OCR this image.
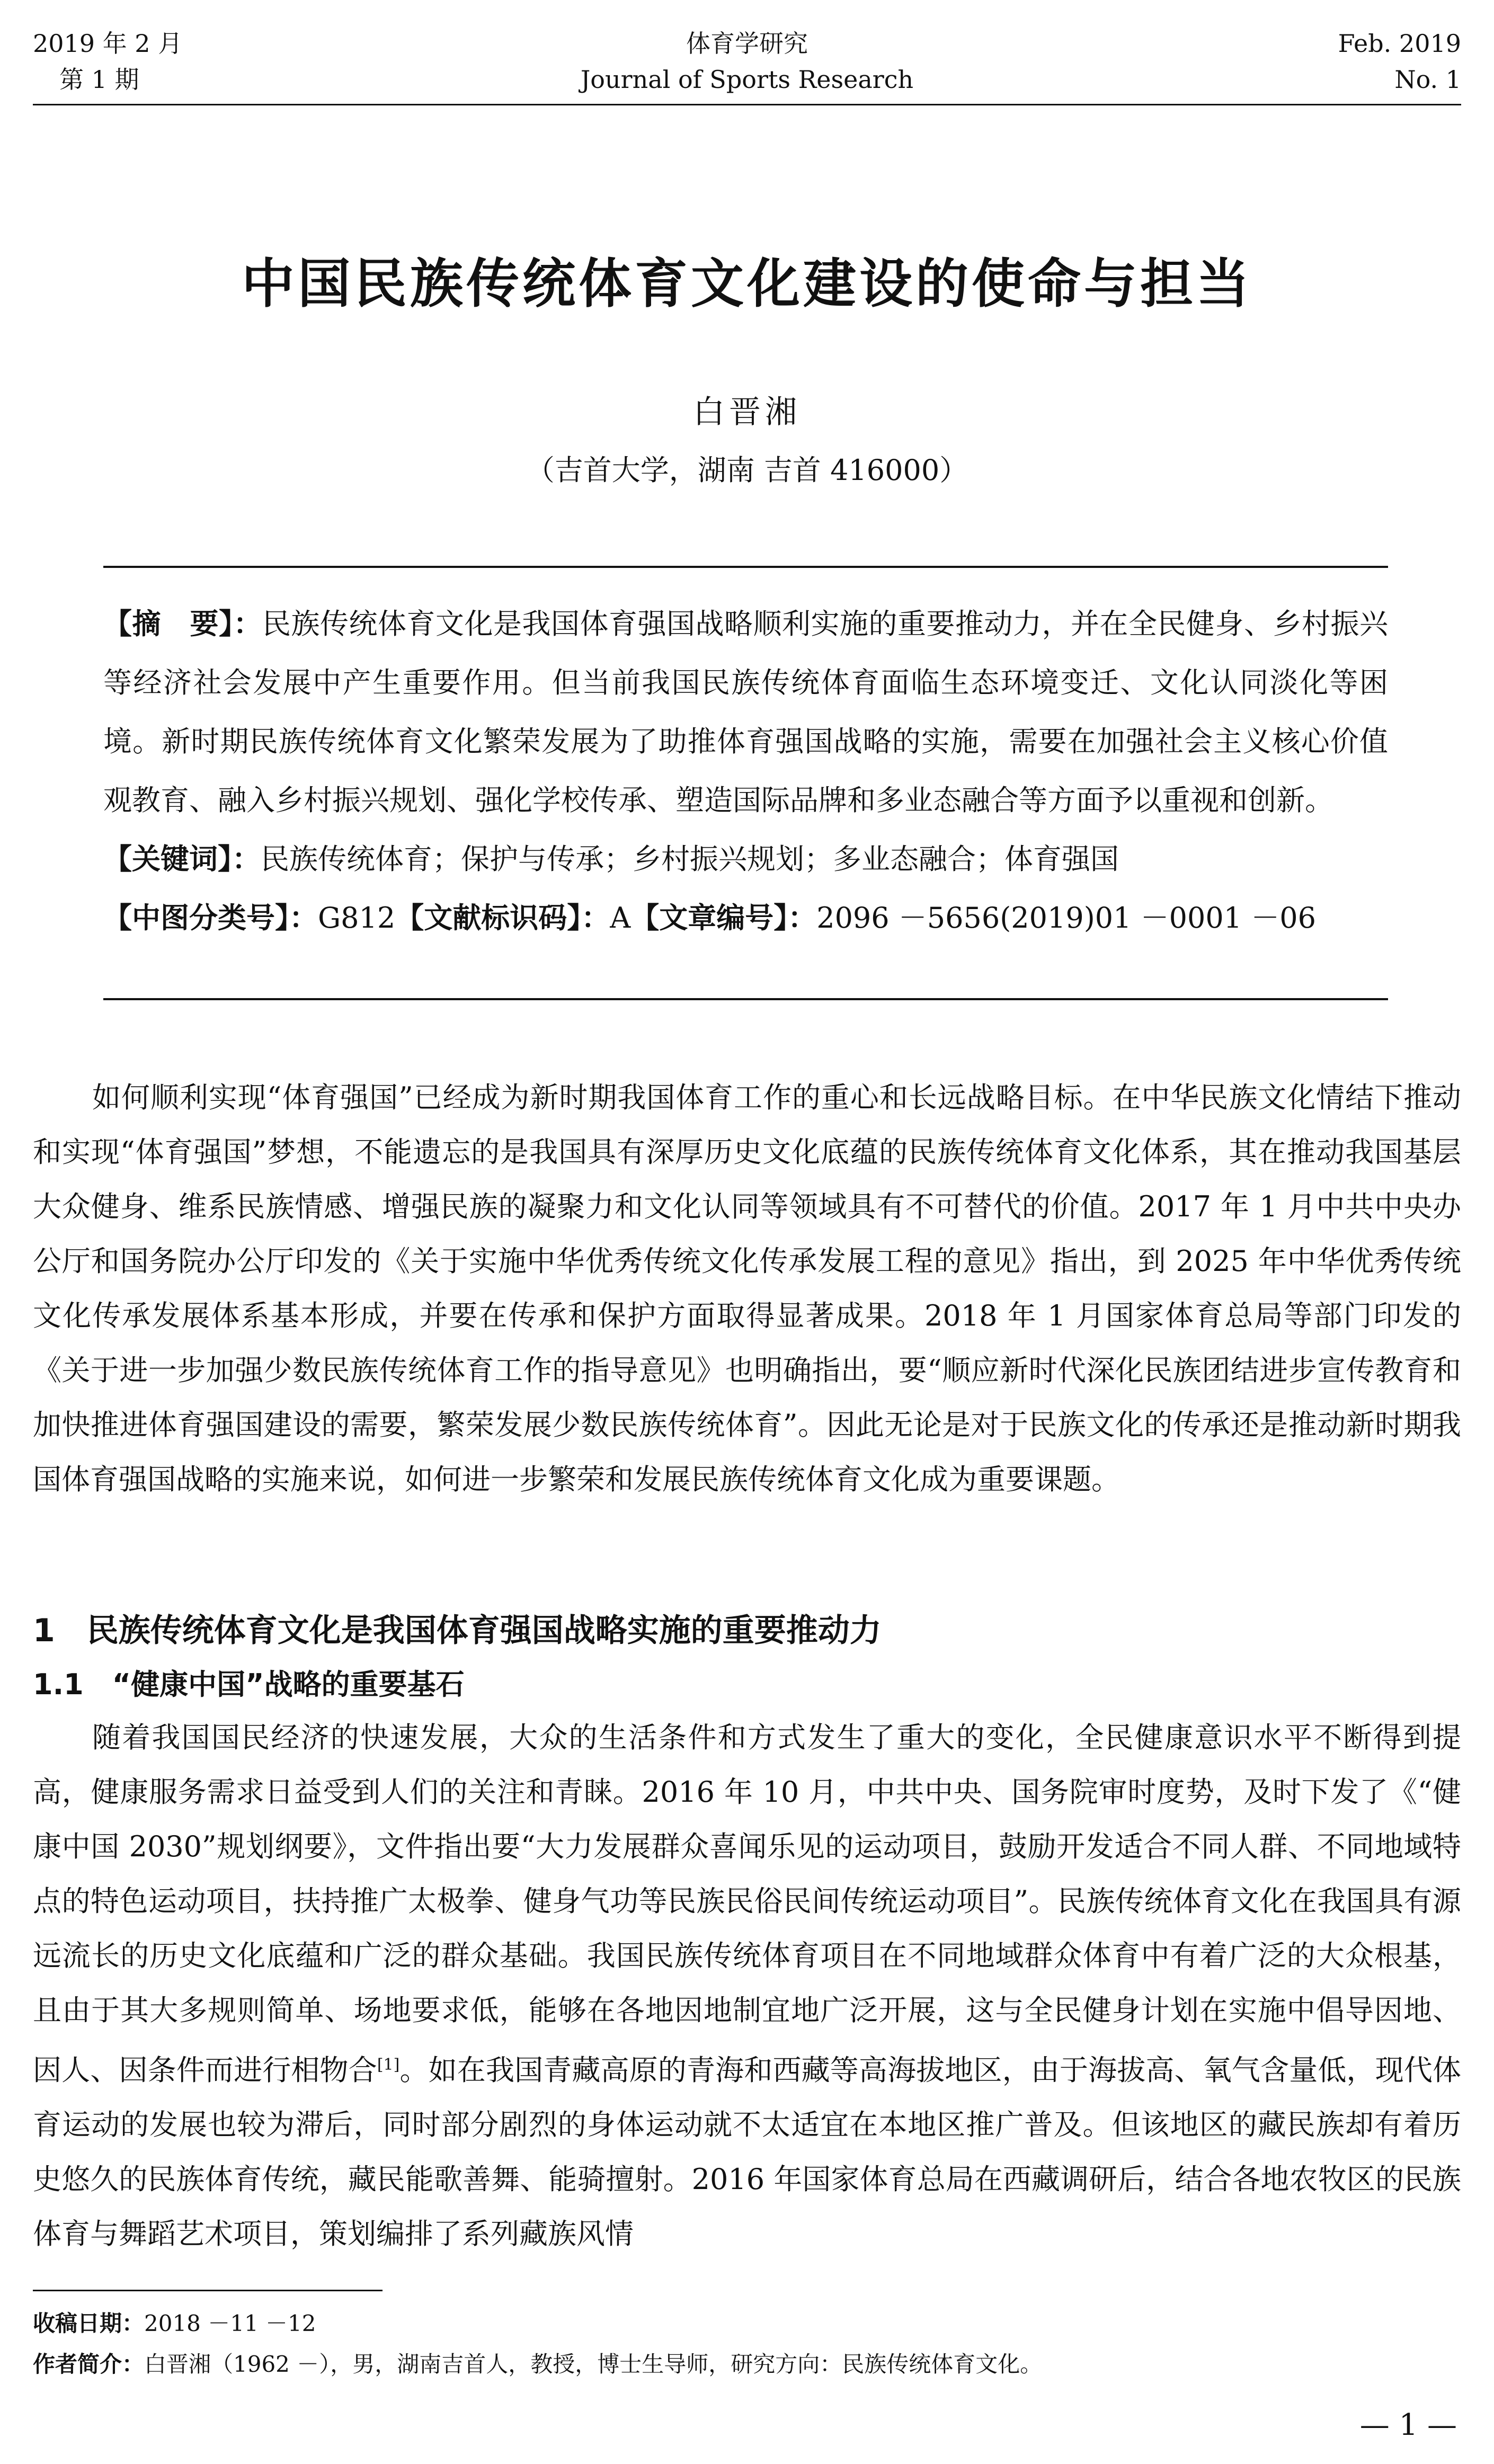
2019 年 2 月
第 1 期
体育学研究
Journal of Sports Research
Feb. 2019
No. 1
中国民族传统体育文化建设的使命与担当
白晋湘
（吉首大学，湖南 吉首 416000）
【摘　要】：民族传统体育文化是我国体育强国战略顺利实施的重要推动力，并在全民健身、乡村振兴等经济社会发展中产生重要作用。但当前我国民族传统体育面临生态环境变迁、文化认同淡化等困境。新时期民族传统体育文化繁荣发展为了助推体育强国战略的实施，需要在加强社会主义核心价值观教育、融入乡村振兴规划、强化学校传承、塑造国际品牌和多业态融合等方面予以重视和创新。
【关键词】：民族传统体育；保护与传承；乡村振兴规划；多业态融合；体育强国
【中图分类号】：G812【文献标识码】：A【文章编号】：2096 －5656(2019)01 －0001 －06

如何顺利实现“体育强国”已经成为新时期我国体育工作的重心和长远战略目标。在中华民族文化情结下推动和实现“体育强国”梦想，不能遗忘的是我国具有深厚历史文化底蕴的民族传统体育文化体系，其在推动我国基层大众健身、维系民族情感、增强民族的凝聚力和文化认同等领域具有不可替代的价值。2017 年 1 月中共中央办公厅和国务院办公厅印发的《关于实施中华优秀传统文化传承发展工程的意见》指出，到 2025 年中华优秀传统文化传承发展体系基本形成，并要在传承和保护方面取得显著成果。2018 年 1 月国家体育总局等部门印发的《关于进一步加强少数民族传统体育工作的指导意见》也明确指出，要“顺应新时代深化民族团结进步宣传教育和加快推进体育强国建设的需要，繁荣发展少数民族传统体育”。因此无论是对于民族文化的传承还是推动新时期我国体育强国战略的实施来说，如何进一步繁荣和发展民族传统体育文化成为重要课题。

1　民族传统体育文化是我国体育强国战略实施的重要推动力
1.1　“健康中国”战略的重要基石

随着我国国民经济的快速发展，大众的生活条件和方式发生了重大的变化，全民健康意识水平不断得到提高，健康服务需求日益受到人们的关注和青睐。2016 年 10 月，中共中央、国务院审时度势，及时下发了《“健康中国 2030”规划纲要》，文件指出要“大力发展群众喜闻乐见的运动项目，鼓励开发适合不同人群、不同地域特点的特色运动项目，扶持推广太极拳、健身气功等民族民俗民间传统运动项目”。民族传统体育文化在我国具有源远流长的历史文化底蕴和广泛的群众基础。我国民族传统体育项目在不同地域群众体育中有着广泛的大众根基，且由于其大多规则简单、场地要求低，能够在各地因地制宜地广泛开展，这与全民健身计划在实施中倡导因地、因人、因条件而进行相物合[1]。如在我国青藏高原的青海和西藏等高海拔地区，由于海拔高、氧气含量低，现代体育运动的发展也较为滞后，同时部分剧烈的身体运动就不太适宜在本地区推广普及。但该地区的藏民族却有着历史悠久的民族体育传统，藏民能歌善舞、能骑擅射。2016 年国家体育总局在西藏调研后，结合各地农牧区的民族体育与舞蹈艺术项目，策划编排了系列藏族风情

收稿日期：2018 －11 －12
作者简介：白晋湘（1962 －），男，湖南吉首人，教授，博士生导师，研究方向：民族传统体育文化。
— 1 —
